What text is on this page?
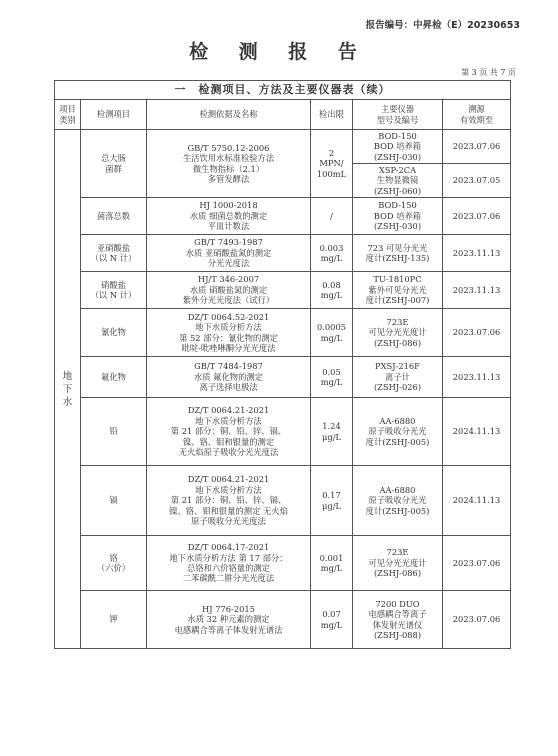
报告编号：中昇检（E）20230653
检 测 报 告
第 3 页 共 7 页
一　检测项目、方法及主要仪器表（续）					
项目
类别	检测项目	检测依据及名称	检出限	主要仪器
型号及编号	溯源
有效期至
地
下
水	总大肠
菌群	GB/T 5750.12-2006
生活饮用水标准检验方法
微生物指标（2.1）
多管发酵法	2
MPN/
100mL	BOD-150
BOD 培养箱
(ZSHJ-030)	2023.07.06
				XSP-2CA
生物显微镜
(ZSHJ-060)	2023.07.05
	菌落总数	HJ 1000-2018
水质 细菌总数的测定
平皿计数法	/	BOD-150
BOD 培养箱
(ZSHJ-030)	2023.07.06
	亚硝酸盐
（以 N 计）	GB/T 7493-1987
水质 亚硝酸盐氮的测定
分光光度法	0.003
mg/L	723 可见分光光
度计(ZSHJ-135)	2023.11.13
	硝酸盐
（以 N 计）	HJ/T 346-2007
水质 硝酸盐氮的测定
紫外分光光度法（试行）	0.08
mg/L	TU-1810PC
紫外可见分光光
度计(ZSHJ-007)	2023.11.13
	氰化物	DZ/T 0064.52-2021
地下水质分析方法
第 52 部分：氰化物的测定
吡啶-吡唑啉酮分光光度法	0.0005
mg/L	723E
可见分光光度计
(ZSHJ-086)	2023.07.06
	氟化物	GB/T 7484-1987
水质 氟化物的测定
离子选择电极法	0.05
mg/L	PXSJ-216F
离子计
(ZSHJ-026)	2023.11.13
	铅	DZ/T 0064.21-2021
地下水质分析方法
第 21 部分：铜、铅、锌、镉、
镍、铬、钼和银量的测定
无火焰原子吸收分光光度法	1.24
μg/L	AA-6880
原子吸收分光光
度计(ZSHJ-005)	2024.11.13
	镉	DZ/T 0064.21-2021
地下水质分析方法
第 21 部分：铜、铅、锌、镉、
镍、铬、钼和银量的测定 无火焰
原子吸收分光光度法	0.17
μg/L	AA-6880
原子吸收分光光
度计(ZSHJ-005)	2024.11.13
	铬
（六价）	DZ/T 0064.17-2021
地下水质分析方法 第 17 部分：
总铬和六价铬量的测定
二苯碳酰二肼分光光度法	0.001
mg/L	723E
可见分光光度计
(ZSHJ-086)	2023.07.06
	钾	HJ 776-2015
水质 32 种元素的测定
电感耦合等离子体发射光谱法	0.07
mg/L	7200 DUO
电感耦合等离子
体发射光谱仪
(ZSHJ-088)	2023.07.06
